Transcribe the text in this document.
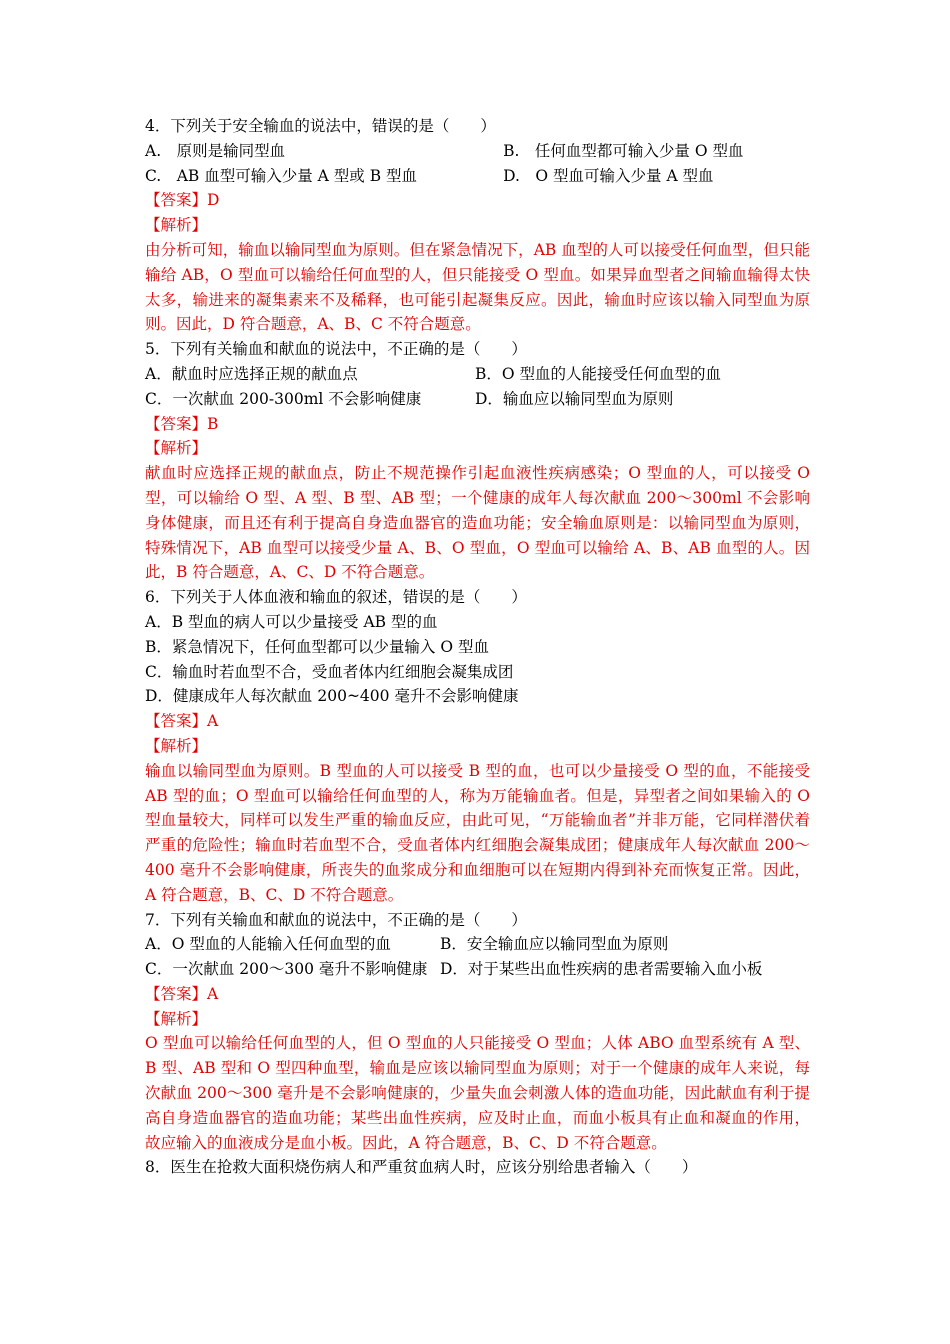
4．下列关于安全输血的说法中，错误的是（　　）
A.　原则是输同型血	B.　任何血型都可输入少量 O 型血
C.　AB 血型可输入少量 A 型或 B 型血	D.　O 型血可输入少量 A 型血
【答案】D
【解析】
由分析可知，输血以输同型血为原则。但在紧急情况下，AB 血型的人可以接受任何血型，但只能输给 AB，O 型血可以输给任何血型的人，但只能接受 O 型血。如果异血型者之间输血输得太快太多，输进来的凝集素来不及稀释，也可能引起凝集反应。因此，输血时应该以输入同型血为原则。因此，D 符合题意，A、B、C 不符合题意。
5．下列有关输血和献血的说法中，不正确的是（　　）
A．献血时应选择正规的献血点	B．O 型血的人能接受任何血型的血
C．一次献血 200-300ml 不会影响健康	D．输血应以输同型血为原则
【答案】B
【解析】
献血时应选择正规的献血点，防止不规范操作引起血液性疾病感染；O 型血的人，可以接受 O 型，可以输给 O 型、A 型、B 型、AB 型；一个健康的成年人每次献血 200～300ml 不会影响身体健康，而且还有利于提高自身造血器官的造血功能；安全输血原则是：以输同型血为原则，特殊情况下，AB 血型可以接受少量 A、B、O 型血，O 型血可以输给 A、B、AB 血型的人。因此，B 符合题意，A、C、D 不符合题意。
6．下列关于人体血液和输血的叙述，错误的是（　　）
A．B 型血的病人可以少量接受 AB 型的血
B．紧急情况下，任何血型都可以少量输入 O 型血
C．输血时若血型不合，受血者体内红细胞会凝集成团
D．健康成年人每次献血 200~400 毫升不会影响健康
【答案】A
【解析】
输血以输同型血为原则。B 型血的人可以接受 B 型的血，也可以少量接受 O 型的血，不能接受 AB 型的血；O 型血可以输给任何血型的人，称为万能输血者。但是，异型者之间如果输入的 O 型血量较大，同样可以发生严重的输血反应，由此可见，“万能输血者”并非万能，它同样潜伏着严重的危险性；输血时若血型不合，受血者体内红细胞会凝集成团；健康成年人每次献血 200～400 毫升不会影响健康，所丧失的血浆成分和血细胞可以在短期内得到补充而恢复正常。因此，A 符合题意，B、C、D 不符合题意。
7．下列有关输血和献血的说法中，不正确的是（　　）
A．O 型血的人能输入任何血型的血	B．安全输血应以输同型血为原则
C．一次献血 200～300 毫升不影响健康 D．对于某些出血性疾病的患者需要输入血小板
【答案】A
【解析】
O 型血可以输给任何血型的人，但 O 型血的人只能接受 O 型血；人体 ABO 血型系统有 A 型、B 型、AB 型和 O 型四种血型，输血是应该以输同型血为原则；对于一个健康的成年人来说，每次献血 200～300 毫升是不会影响健康的，少量失血会刺激人体的造血功能，因此献血有利于提高自身造血器官的造血功能；某些出血性疾病，应及时止血，而血小板具有止血和凝血的作用，故应输入的血液成分是血小板。因此，A 符合题意，B、C、D 不符合题意。
8．医生在抢救大面积烧伤病人和严重贫血病人时，应该分别给患者输入（　　）
